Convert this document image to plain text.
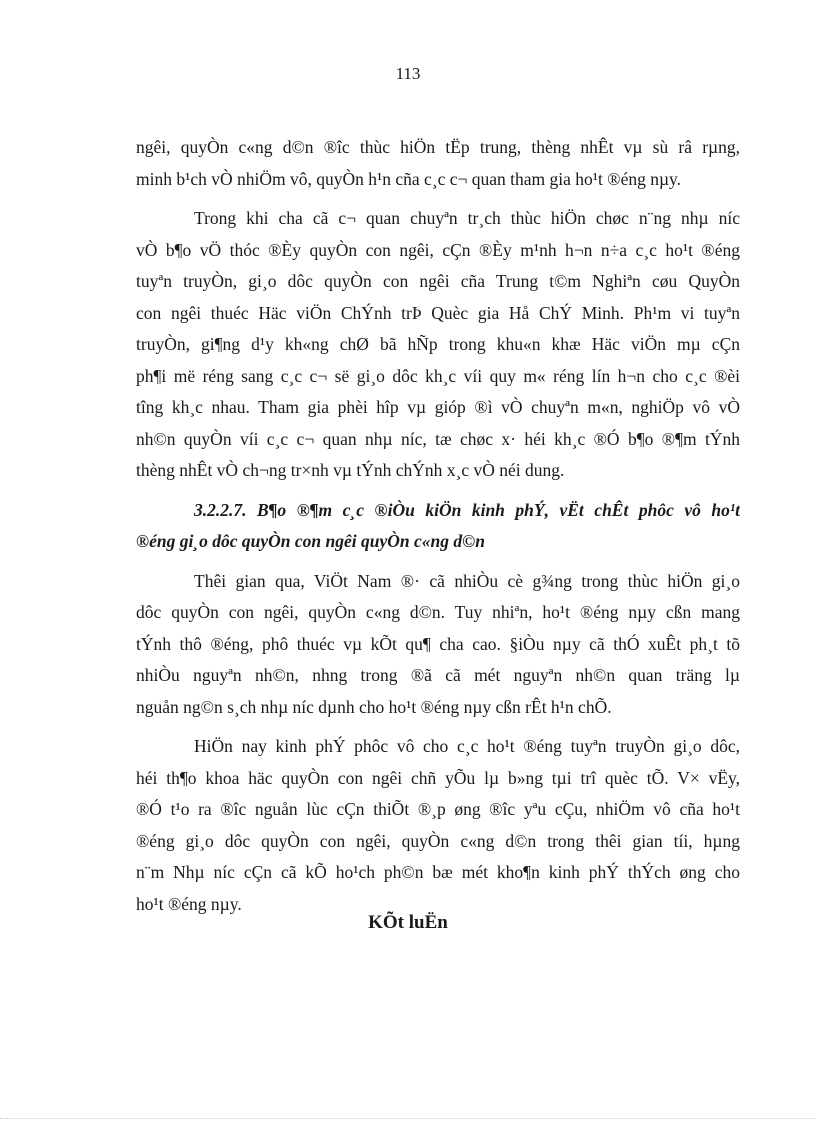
113
ngêi, quyÒn c«ng d©n ®îc thùc hiÖn tËp trung, thèng nhÊt vµ sù râ rµng,
minh b¹ch vÒ nhiÖm vô, quyÒn h¹n cña c¸c c¬ quan tham gia ho¹t ®éng nµy.
Trong khi cha cã c¬ quan chuyªn tr¸ch thùc hiÖn chøc n¨ng nhµ níc
vÒ b¶o vÖ thóc ®Èy quyÒn con ngêi, cÇn ®Èy m¹nh h¬n n÷a c¸c ho¹t ®éng
tuyªn truyÒn, gi¸o dôc quyÒn con ngêi cña Trung t©m Nghiªn cøu QuyÒn
con ngêi thuéc Häc viÖn ChÝnh trÞ Quèc gia Hå ChÝ Minh. Ph¹m vi tuyªn
truyÒn, gi¶ng d¹y kh«ng chØ bã hÑp trong khu«n khæ Häc viÖn mµ cÇn
ph¶i më réng sang c¸c c¬ së gi¸o dôc kh¸c víi quy m« réng lín h¬n cho c¸c ®èi
tîng kh¸c nhau. Tham gia phèi hîp vµ gióp ®ì vÒ chuyªn m«n, nghiÖp vô vÒ
nh©n quyÒn víi c¸c c¬ quan nhµ níc, tæ chøc x· héi kh¸c ®Ó b¶o ®¶m tÝnh
thèng nhÊt vÒ ch¬ng tr×nh vµ tÝnh chÝnh x¸c vÒ néi dung.
3.2.2.7. B¶o ®¶m c¸c ®iÒu kiÖn kinh phÝ, vËt chÊt phôc vô ho¹t
®éng gi¸o dôc quyÒn con ngêi quyÒn c«ng d©n
Thêi gian qua, ViÖt Nam ®· cã nhiÒu cè g¾ng trong thùc hiÖn gi¸o
dôc quyÒn con ngêi, quyÒn c«ng d©n. Tuy nhiªn, ho¹t ®éng nµy cßn mang
tÝnh thô ®éng, phô thuéc vµ kÕt qu¶ cha cao. §iÒu nµy cã thÓ xuÊt ph¸t tõ
nhiÒu nguyªn nh©n, nhng trong ®ã cã mét nguyªn nh©n quan träng lµ
nguån ng©n s¸ch nhµ níc dµnh cho ho¹t ®éng nµy cßn rÊt h¹n chÕ.
HiÖn nay kinh phÝ phôc vô cho c¸c ho¹t ®éng tuyªn truyÒn gi¸o dôc,
héi th¶o khoa häc quyÒn con ngêi chñ yÕu lµ b»ng tµi trî quèc tÕ. V× vËy,
®Ó t¹o ra ®îc nguån lùc cÇn thiÕt ®¸p øng ®îc yªu cÇu, nhiÖm vô cña ho¹t
®éng gi¸o dôc quyÒn con ngêi, quyÒn c«ng d©n trong thêi gian tíi, hµng
n¨m Nhµ níc cÇn cã kÕ ho¹ch ph©n bæ mét kho¶n kinh phÝ thÝch øng cho
ho¹t ®éng nµy.
KÕt luËn
